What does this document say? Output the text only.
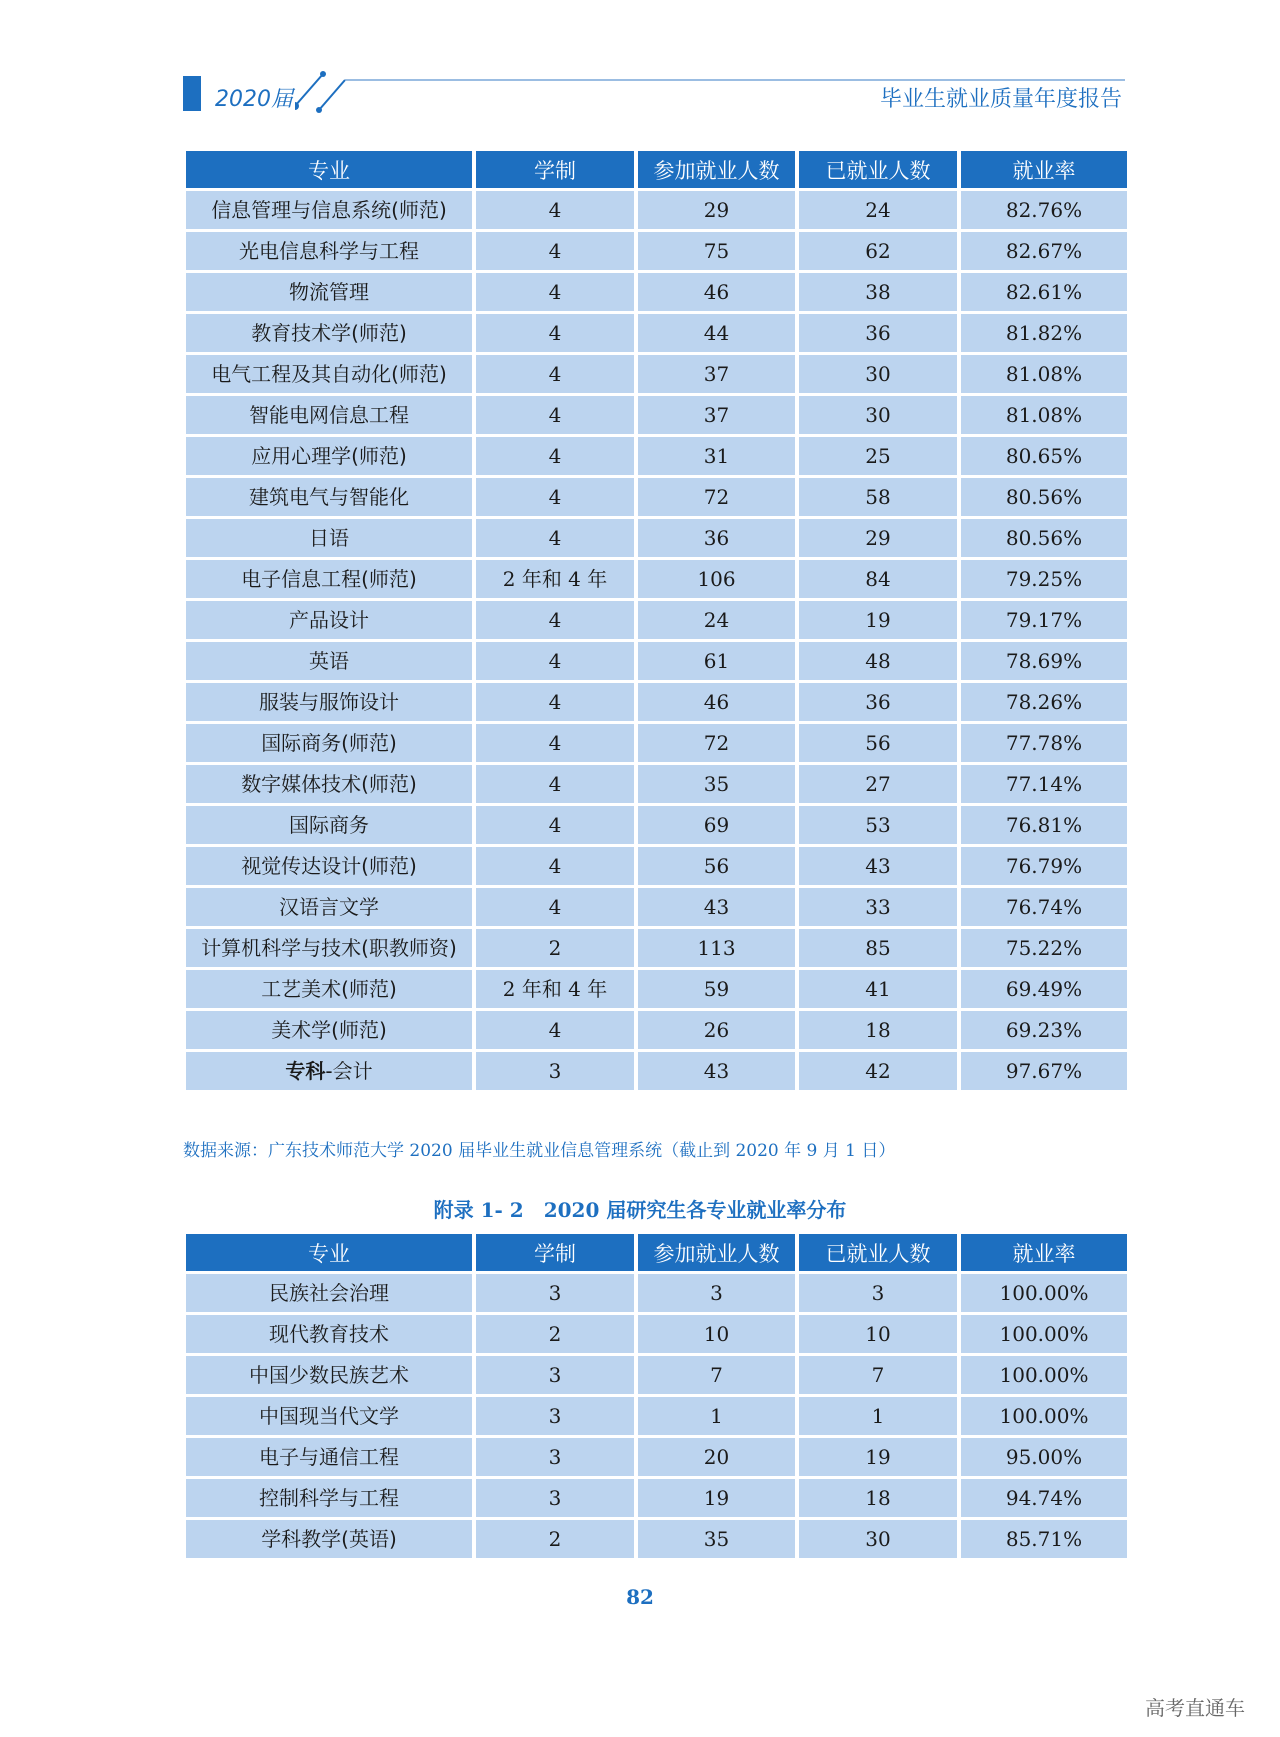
2020届	毕业生就业质量年度报告
专业	学制	参加就业人数	已就业人数	就业率
信息管理与信息系统(师范)	4	29	24	82.76%
光电信息科学与工程	4	75	62	82.67%
物流管理	4	46	38	82.61%
教育技术学(师范)	4	44	36	81.82%
电气工程及其自动化(师范)	4	37	30	81.08%
智能电网信息工程	4	37	30	81.08%
应用心理学(师范)	4	31	25	80.65%
建筑电气与智能化	4	72	58	80.56%
日语	4	36	29	80.56%
电子信息工程(师范)	2 年和 4 年	106	84	79.25%
产品设计	4	24	19	79.17%
英语	4	61	48	78.69%
服装与服饰设计	4	46	36	78.26%
国际商务(师范)	4	72	56	77.78%
数字媒体技术(师范)	4	35	27	77.14%
国际商务	4	69	53	76.81%
视觉传达设计(师范)	4	56	43	76.79%
汉语言文学	4	43	33	76.74%
计算机科学与技术(职教师资)	2	113	85	75.22%
工艺美术(师范)	2 年和 4 年	59	41	69.49%
美术学(师范)	4	26	18	69.23%
专科-会计	3	43	42	97.67%
数据来源：广东技术师范大学 2020 届毕业生就业信息管理系统（截止到 2020 年 9 月 1 日）
附录 1- 2　2020 届研究生各专业就业率分布
专业	学制	参加就业人数	已就业人数	就业率
民族社会治理	3	3	3	100.00%
现代教育技术	2	10	10	100.00%
中国少数民族艺术	3	7	7	100.00%
中国现当代文学	3	1	1	100.00%
电子与通信工程	3	20	19	95.00%
控制科学与工程	3	19	18	94.74%
学科教学(英语)	2	35	30	85.71%
82
高考直通车
